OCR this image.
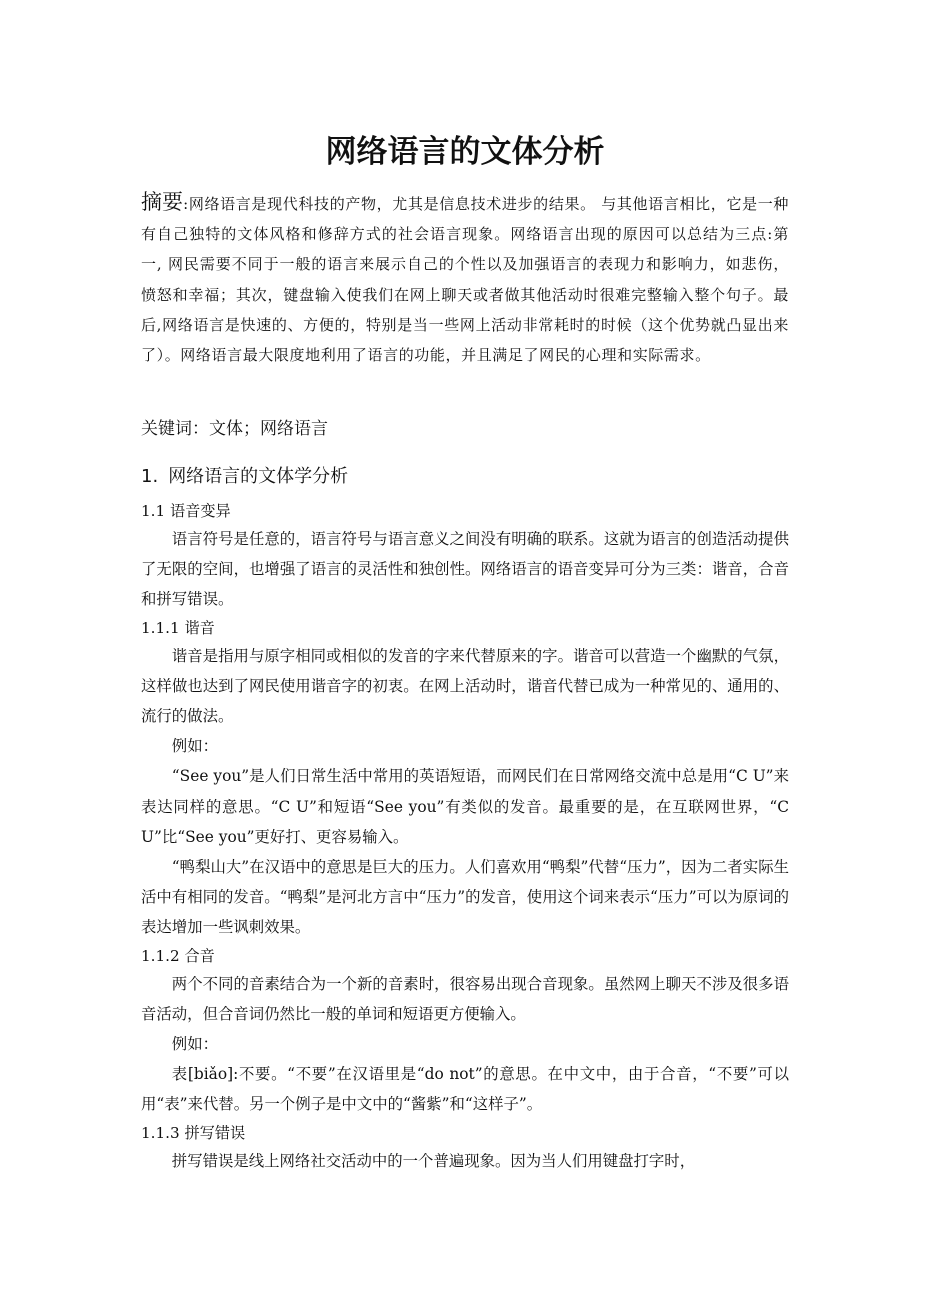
网络语言的文体分析
摘要:网络语言是现代科技的产物，尤其是信息技术进步的结果。 与其他语言相比，它是一种有自己独特的文体风格和修辞方式的社会语言现象。网络语言出现的原因可以总结为三点:第一, 网民需要不同于一般的语言来展示自己的个性以及加强语言的表现力和影响力，如悲伤，愤怒和幸福；其次，键盘输入使我们在网上聊天或者做其他活动时很难完整输入整个句子。最后,网络语言是快速的、方便的，特别是当一些网上活动非常耗时的时候（这个优势就凸显出来了）。网络语言最大限度地利用了语言的功能，并且满足了网民的心理和实际需求。
关键词：文体；网络语言
1. 网络语言的文体学分析
1.1 语音变异

语言符号是任意的，语言符号与语言意义之间没有明确的联系。这就为语言的创造活动提供了无限的空间，也增强了语言的灵活性和独创性。网络语言的语音变异可分为三类：谐音，合音和拼写错误。

1.1.1 谐音

谐音是指用与原字相同或相似的发音的字来代替原来的字。谐音可以营造一个幽默的气氛，这样做也达到了网民使用谐音字的初衷。在网上活动时，谐音代替已成为一种常见的、通用的、流行的做法。

例如：

“See you”是人们日常生活中常用的英语短语，而网民们在日常网络交流中总是用“C U”来表达同样的意思。“C U”和短语“See you”有类似的发音。最重要的是，在互联网世界，“C U”比“See you”更好打、更容易输入。

“鸭梨山大”在汉语中的意思是巨大的压力。人们喜欢用“鸭梨”代替“压力”，因为二者实际生活中有相同的发音。“鸭梨”是河北方言中“压力”的发音，使用这个词来表示“压力”可以为原词的表达增加一些讽刺效果。

1.1.2 合音

两个不同的音素结合为一个新的音素时，很容易出现合音现象。虽然网上聊天不涉及很多语音活动，但合音词仍然比一般的单词和短语更方便输入。

例如：

表[biǎo]:不要。“不要”在汉语里是“do not”的意思。在中文中，由于合音，“不要”可以用“表”来代替。另一个例子是中文中的“酱紫”和“这样子”。

1.1.3 拼写错误

拼写错误是线上网络社交活动中的一个普遍现象。因为当人们用键盘打字时，
